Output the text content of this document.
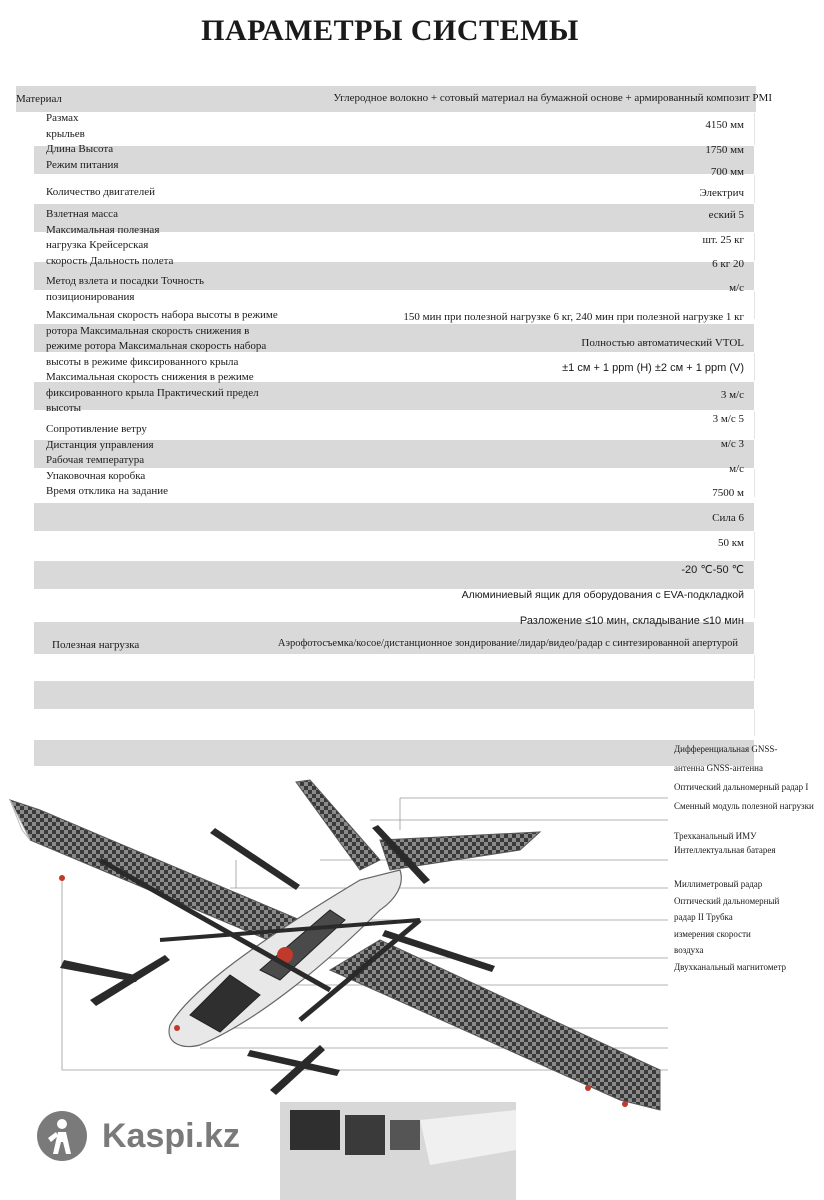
ПАРАМЕТРЫ СИСТЕМЫ
Материал	Углеродное волокно + сотовый материал на бумажной основе + армированный композит PMI
Размах
крыльев
Длина Высота
Режим питания
Количество двигателей
Взлетная масса
Максимальная полезная
нагрузка Крейсерская
скорость Дальность полета
Метод взлета и посадки Точность
позиционирования
Максимальная скорость набора высоты в режиме
ротора Максимальная скорость снижения в
режиме ротора Максимальная скорость набора
высоты в режиме фиксированного крыла
Максимальная скорость снижения в режиме
фиксированного крыла Практический предел
высоты
Сопротивление ветру
Дистанция управления
Рабочая температура
Упаковочная коробка
Время отклика на задание
4150 мм
1750 мм
700 мм
Электрич
еский 5
шт. 25 кг
6 кг 20
м/с
150 мин при полезной нагрузке 6 кг, 240 мин при полезной нагрузке 1 кг
Полностью автоматический VTOL
±1 см + 1 ppm (H) ±2 см + 1 ppm (V)
3 м/с
3 м/с 5
м/с 3
м/с
7500 м
Сила 6
50 км
-20 ℃-50 ℃
Алюминиевый ящик для оборудования с EVA-подкладкой
Разложение ≤10 мин, складывание ≤10 мин
Полезная нагрузка	Аэрофотосъемка/косое/дистанционное зондирование/лидар/видео/радар с синтезированной апертурой
Дифференциальная GNSS-
антенна GNSS-антенна
Оптический дальномерный радар I
Сменный модуль полезной нагрузки
Трехканальный ИМУ
Интеллектуальная батарея
Миллиметровый радар
Оптический дальномерный
радар II Трубка
измерения скорости
воздуха
Двухканальный магнитометр
Kaspi.kz
